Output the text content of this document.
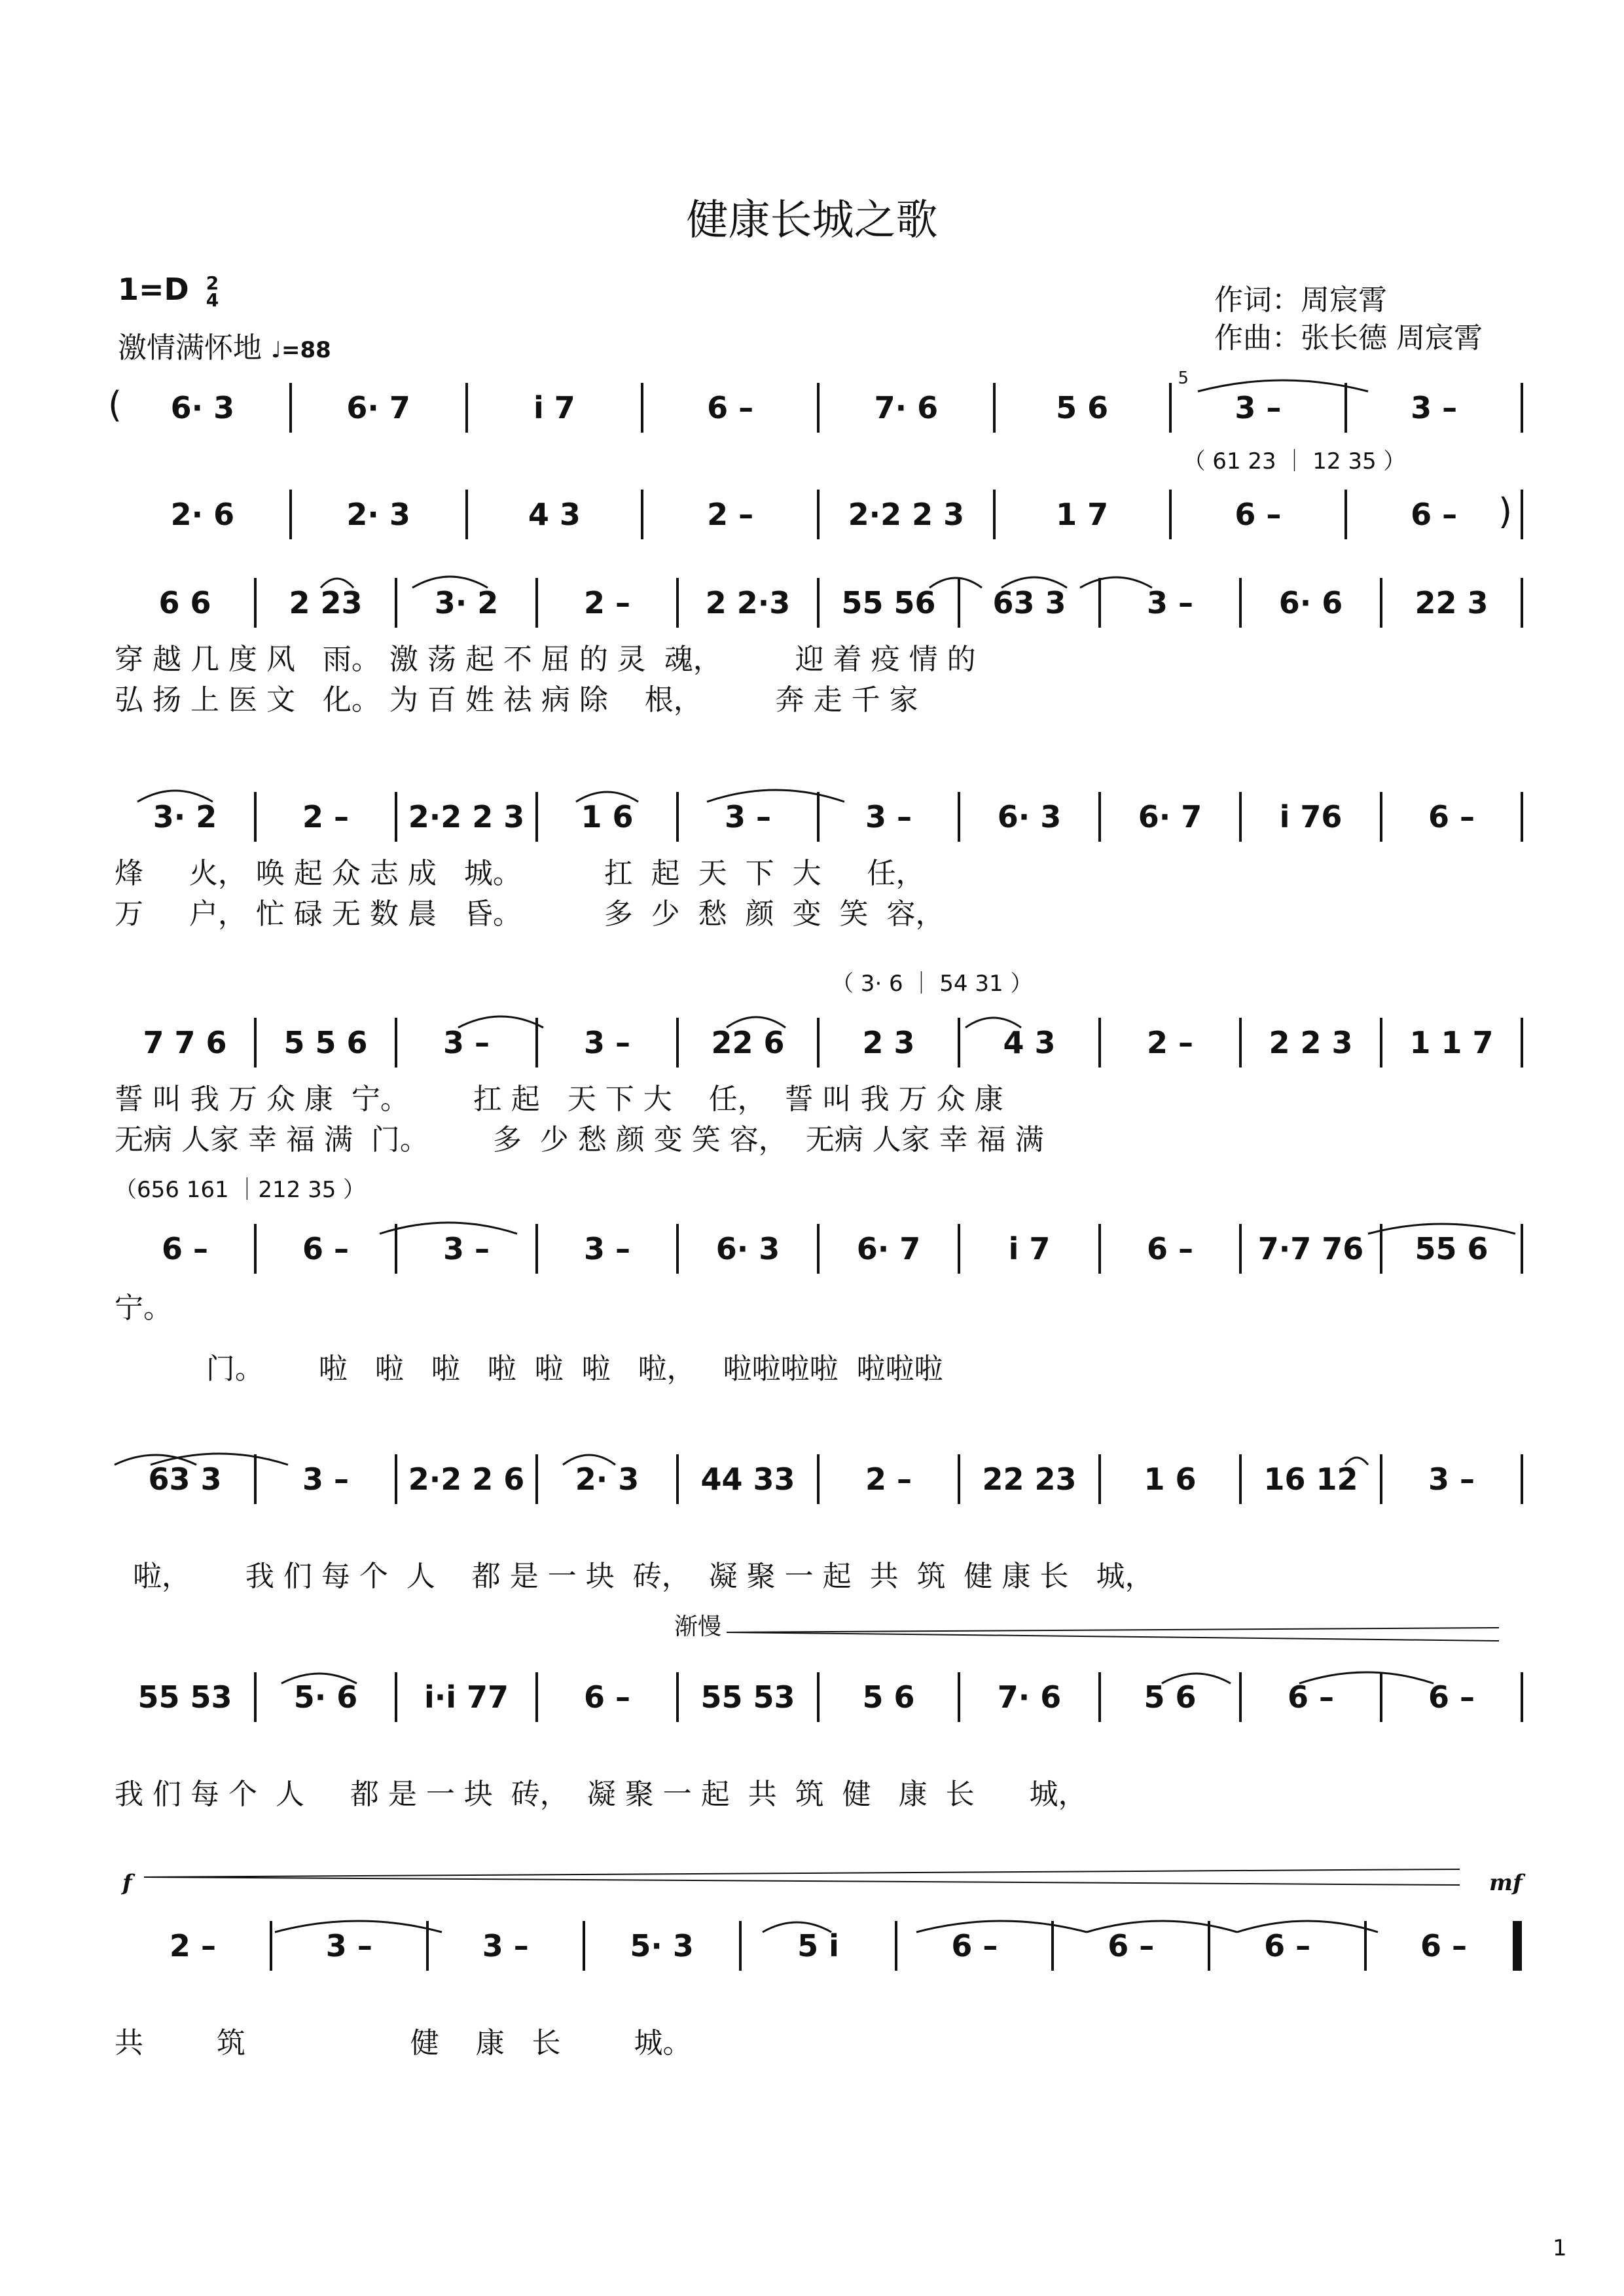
健康长城之歌
1=D 2
4
激情满怀地 ♩=88
作词：周宸霄
作曲：张长德 周宸霄
6· 3	6· 7	i 7	6 –	7· 6	5 6	3 –	3 –
(
5
（ 61 23 ｜ 12 35 ）
2· 6	2· 3	4 3	2 –	2·2 2 3	1 7	6 –	6 –	)
6 6	2 23	3· 2	2 –	2 2·3	55 56	63 3	3 –	6· 6	22 3
穿 越 几 度 风   雨。 激 荡 起 不 屈 的 灵  魂，        迎 着 疫 情 的
弘 扬 上 医 文   化。 为 百 姓 祛 病 除    根，        奔 走 千 家
3· 2	2 –	2·2 2 3	1 6	3 –	3 –	6· 3	6· 7	i 76	6 –
烽     火， 唤 起 众 志 成   城。         扛  起  天  下  大     任，
万     户， 忙 碌 无 数 晨   昏。         多  少  愁  颜  变  笑  容，
7 7 6	5 5 6	3 –	3 –	22 6	2 3	4 3	2 –	2 2 3	1 1 7
（ 3· 6 ｜ 54 31 ）
誓 叫 我 万 众 康  宁。       扛 起   天 下 大    任，  誓 叫 我 万 众 康
无病 人家 幸 福 满  门。       多  少 愁 颜 变 笑 容，  无病 人家 幸 福 满
6 –	6 –	3 –	3 –	6· 3	6· 7	i 7	6 –	7·7 76	55 6
（656 161 ｜212 35 ）
宁。
门。      啦   啦   啦   啦  啦  啦   啦，   啦啦啦啦  啦啦啦
63 3	3 –	2·2 2 6	2· 3	44 33	2 –	22 23	1 6	16 12	3 –
啦，      我 们 每 个  人    都 是 一 块  砖，  凝 聚 一 起  共  筑  健 康 长   城，
55 53	5· 6	i·i 77	6 –	55 53	5 6	7· 6	5 6	6 –	6 –
渐慢
我 们 每 个  人     都 是 一 块  砖，  凝 聚 一 起  共  筑  健   康  长      城，
2 –	3 –	3 –	5· 3	5 i	6 –	6 –	6 –	6 –
f	mf
共        筑                  健    康   长        城。
1
